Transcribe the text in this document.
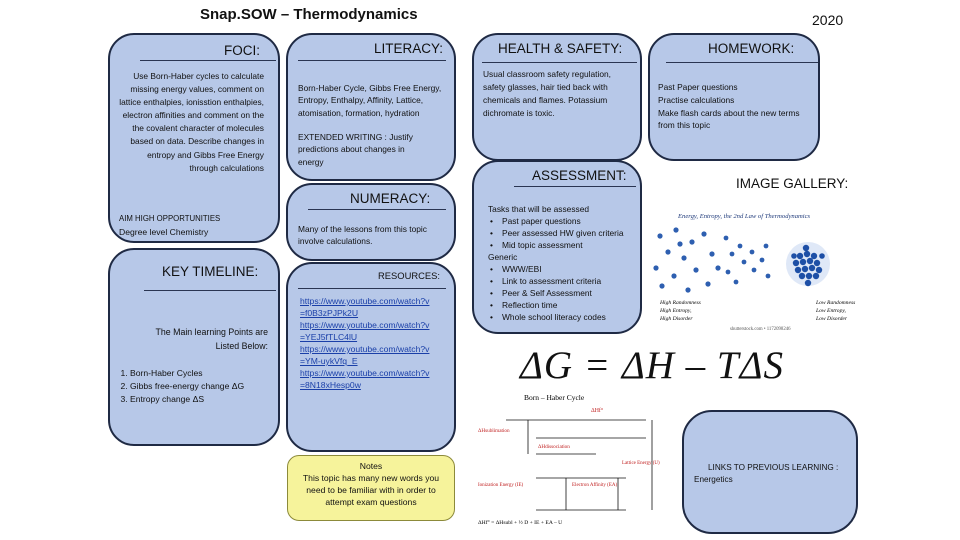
Snap.SOW – Thermodynamics	2020
FOCI:
Use Born-Haber cycles to calculate missing energy values, comment on lattice enthalpies, ionisstion enthalpies, electron affinities and comment on the the covalent character of molecules based on data. Describe changes in entropy and Gibbs Free Energy through calculations
AIM HIGH OPPORTUNITIES
Degree level Chemistry
LITERACY:
Born-Haber Cycle, Gibbs Free Energy, Entropy, Enthalpy, Affinity, Lattice, atomisation, formation, hydration
EXTENDED WRITING : Justify predictions about changes in energy
HEALTH & SAFETY:
Usual classroom safety regulation, safety glasses, hair tied back with chemicals and flames. Potassium dichromate is toxic.
HOMEWORK:
Past Paper questions
Practise calculations
Make flash cards about the new terms from this topic
NUMERACY:
Many of the lessons from this topic involve calculations.
ASSESSMENT:
Tasks that will be assessed
• Past paper questions
• Peer assessed HW given criteria
• Mid topic assessment
Generic
• WWW/EBI
• Link to assessment criteria
• Peer & Self Assessment
• Reflection time
• Whole school literacy codes
IMAGE GALLERY:
Energy, Entropy, the 2nd Law of Thermodynamics
High Randomness
High Entropy,
High Disorder
Low Randomness
Low Entropy,
Low Disorder
shutterstock.com • 1172098246
ΔG = ΔH – TΔS
Born – Haber Cycle
ΔHf°
ΔHsublimation
ΔHdissociation
Ionization Energy (IE)	Electron Affinity (EA)
Lattice Energy (U)
ΔHf° = ΔHsubl + ½ D + IE + EA – U
KEY TIMELINE:
The Main learning Points are Listed Below:
1. Born-Haber Cycles
2. Gibbs free-energy change ΔG
3. Entropy change ΔS
RESOURCES:
https://www.youtube.com/watch?v=f0B3zPJPk2U
https://www.youtube.com/watch?v=YEJ5fTLC4lU
https://www.youtube.com/watch?v=YM-uykVfq_E
https://www.youtube.com/watch?v=8N18xHesp0w
Notes
This topic has many new words you need to be familiar with in order to attempt exam questions
LINKS TO PREVIOUS LEARNING :
Energetics
